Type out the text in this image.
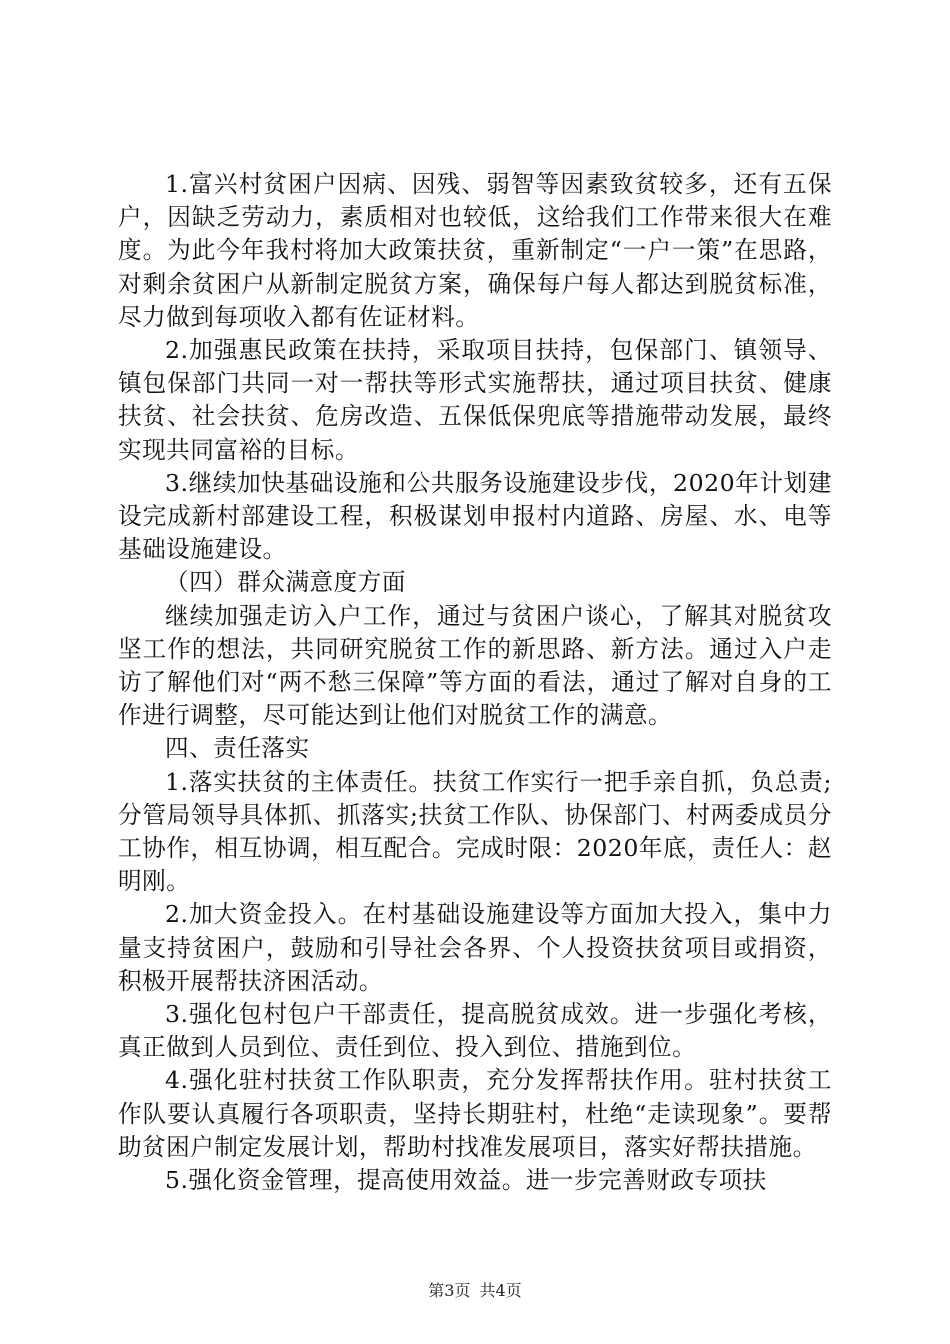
1.富兴村贫困户因病、因残、弱智等因素致贫较多，还有五保户，因缺乏劳动力，素质相对也较低，这给我们工作带来很大在难度。为此今年我村将加大政策扶贫，重新制定“一户一策”在思路，对剩余贫困户从新制定脱贫方案，确保每户每人都达到脱贫标准，尽力做到每项收入都有佐证材料。

2.加强惠民政策在扶持，采取项目扶持，包保部门、镇领导、镇包保部门共同一对一帮扶等形式实施帮扶，通过项目扶贫、健康扶贫、社会扶贫、危房改造、五保低保兜底等措施带动发展，最终实现共同富裕的目标。

3.继续加快基础设施和公共服务设施建设步伐，2020年计划建设完成新村部建设工程，积极谋划申报村内道路、房屋、水、电等基础设施建设。

（四）群众满意度方面

继续加强走访入户工作，通过与贫困户谈心，了解其对脱贫攻坚工作的想法，共同研究脱贫工作的新思路、新方法。通过入户走访了解他们对“两不愁三保障”等方面的看法，通过了解对自身的工作进行调整，尽可能达到让他们对脱贫工作的满意。

四、责任落实

1.落实扶贫的主体责任。扶贫工作实行一把手亲自抓，负总责;分管局领导具体抓、抓落实;扶贫工作队、协保部门、村两委成员分工协作，相互协调，相互配合。完成时限：2020年底，责任人：赵明刚。

2.加大资金投入。在村基础设施建设等方面加大投入，集中力量支持贫困户，鼓励和引导社会各界、个人投资扶贫项目或捐资，积极开展帮扶济困活动。

3.强化包村包户干部责任，提高脱贫成效。进一步强化考核，真正做到人员到位、责任到位、投入到位、措施到位。

4.强化驻村扶贫工作队职责，充分发挥帮扶作用。驻村扶贫工作队要认真履行各项职责，坚持长期驻村，杜绝“走读现象”。要帮助贫困户制定发展计划，帮助村找准发展项目，落实好帮扶措施。

5.强化资金管理，提高使用效益。进一步完善财政专项扶

第3页 共4页
